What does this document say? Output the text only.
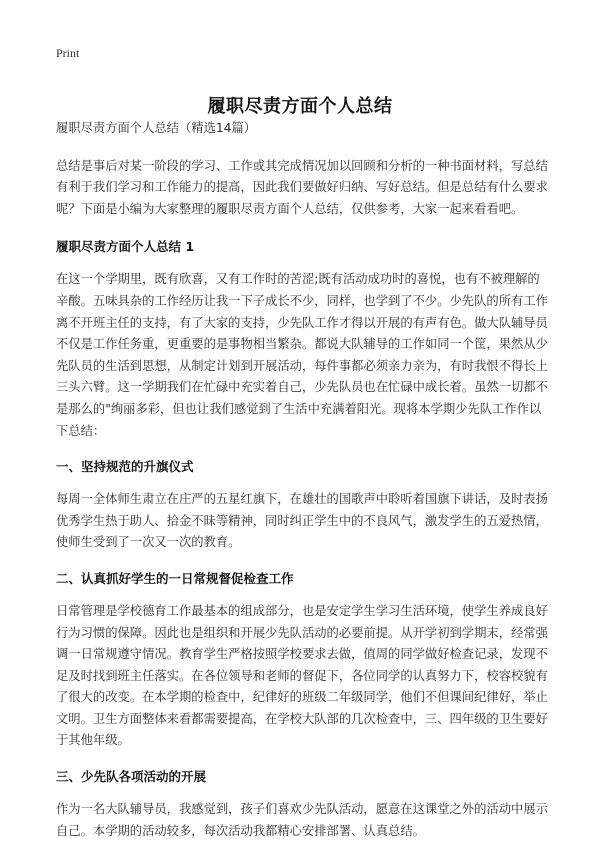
Print
履职尽责方面个人总结

履职尽责方面个人总结（精选14篇）

总结是事后对某一阶段的学习、工作或其完成情况加以回顾和分析的一种书面材料，写总结有利于我们学习和工作能力的提高，因此我们要做好归纳、写好总结。但是总结有什么要求呢？下面是小编为大家整理的履职尽责方面个人总结，仅供参考，大家一起来看看吧。

履职尽责方面个人总结 1

在这一个学期里，既有欣喜，又有工作时的苦涩;既有活动成功时的喜悦，也有不被理解的辛酸。五味具杂的工作经历让我一下子成长不少，同样，也学到了不少。少先队的所有工作离不开班主任的支持，有了大家的支持，少先队工作才得以开展的有声有色。做大队辅导员不仅是工作任务重，更重要的是事物相当繁杂。都说大队辅导的工作如同一个筐，果然从少先队员的生活到思想，从制定计划到开展活动，每件事都必须亲力亲为，有时我恨不得长上三头六臂。这一学期我们在忙碌中充实着自己，少先队员也在忙碌中成长着。虽然一切都不是那么的"绚丽多彩，但也让我们感觉到了生活中充满着阳光。现将本学期少先队工作作以下总结：

一、坚持规范的升旗仪式

每周一全体师生肃立在庄严的五星红旗下，在雄壮的国歌声中聆听着国旗下讲话，及时表扬优秀学生热于助人、拾金不昧等精神，同时纠正学生中的不良风气，激发学生的五爱热情，使师生受到了一次又一次的教育。

二、认真抓好学生的一日常规督促检查工作

日常管理是学校德育工作最基本的组成部分，也是安定学生学习生活环境，使学生养成良好行为习惯的保障。因此也是组织和开展少先队活动的必要前提。从开学初到学期末，经常强调一日常规遵守情况。教育学生严格按照学校要求去做，值周的同学做好检查记录，发现不足及时找到班主任落实。在各位领导和老师的督促下，各位同学的认真努力下，校容校貌有了很大的改变。在本学期的检查中，纪律好的班级二年级同学，他们不但课间纪律好，举止文明。卫生方面整体来看都需要提高，在学校大队部的几次检查中，三、四年级的卫生要好于其他年级。

三、少先队各项活动的开展

作为一名大队辅导员，我感觉到，孩子们喜欢少先队活动，愿意在这课堂之外的活动中展示自己。本学期的活动较多，每次活动我都精心安排部署、认真总结。
